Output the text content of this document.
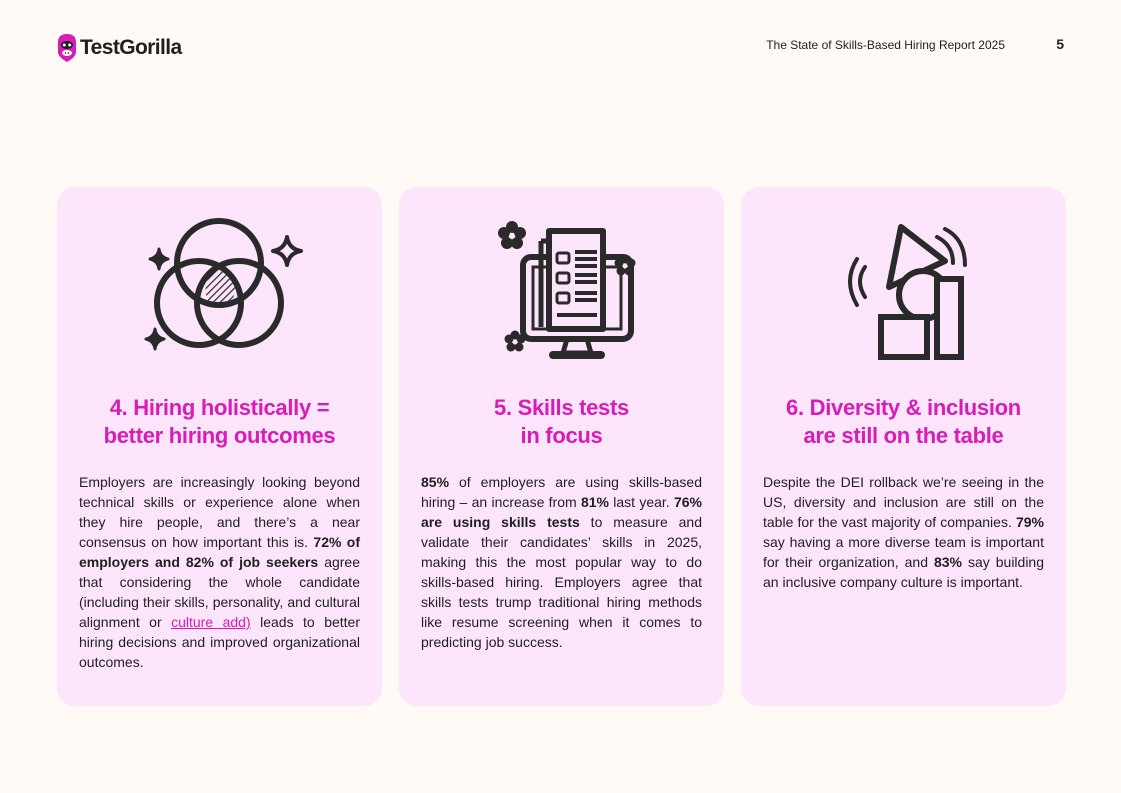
TestGorilla	The State of Skills-Based Hiring Report 2025	5
4. Hiring holistically =
better hiring outcomes

Employers are increasingly looking beyond technical skills or experience alone when they hire people, and there’s a near consensus on how important this is. 72% of employers and 82% of job seekers agree that considering the whole candidate (including their skills, personality, and cultural alignment or culture add) leads to better hiring decisions and improved organizational outcomes.

5. Skills tests
in focus

85% of employers are using skills-based hiring – an increase from 81% last year. 76% are using skills tests to measure and validate their candidates’ skills in 2025, making this the most popular way to do skills-based hiring. Employers agree that skills tests trump traditional hiring methods like resume screening when it comes to predicting job success.

6. Diversity & inclusion
are still on the table

Despite the DEI rollback we’re seeing in the US, diversity and inclusion are still on the table for the vast majority of companies. 79% say having a more diverse team is important for their organization, and 83% say building an inclusive company culture is important.
